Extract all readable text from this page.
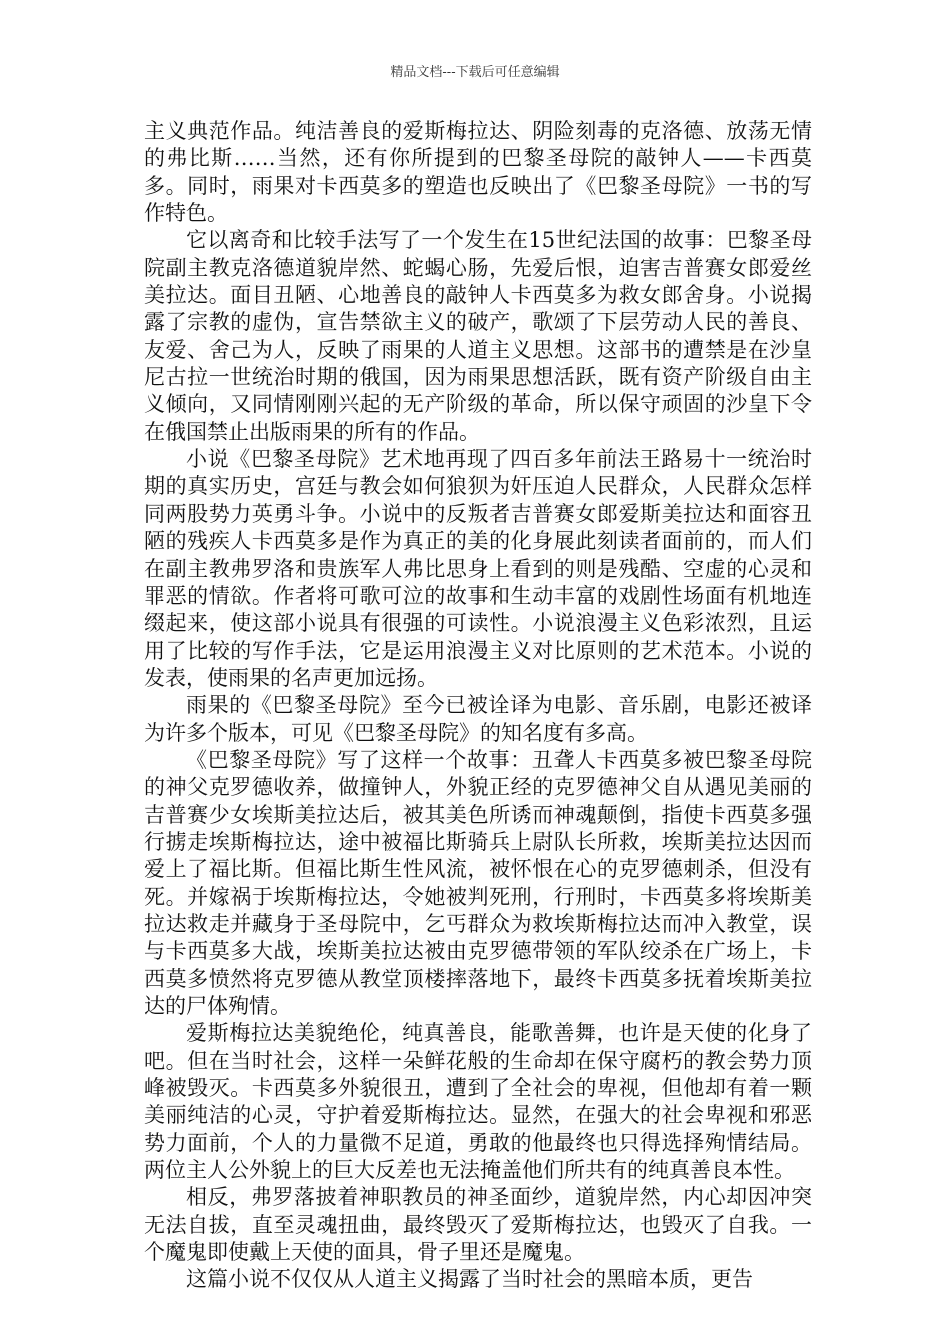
精品文档---下载后可任意编辑

主义典范作品。纯洁善良的爱斯梅拉达、阴险刻毒的克洛德、放荡无情的弗比斯……当然，还有你所提到的巴黎圣母院的敲钟人——卡西莫多。同时，雨果对卡西莫多的塑造也反映出了《巴黎圣母院》一书的写作特色。

它以离奇和比较手法写了一个发生在15世纪法国的故事：巴黎圣母院副主教克洛德道貌岸然、蛇蝎心肠，先爱后恨，迫害吉普赛女郎爱丝美拉达。面目丑陋、心地善良的敲钟人卡西莫多为救女郎舍身。小说揭露了宗教的虚伪，宣告禁欲主义的破产，歌颂了下层劳动人民的善良、友爱、舍己为人，反映了雨果的人道主义思想。这部书的遭禁是在沙皇尼古拉一世统治时期的俄国，因为雨果思想活跃，既有资产阶级自由主义倾向，又同情刚刚兴起的无产阶级的革命，所以保守顽固的沙皇下令在俄国禁止出版雨果的所有的作品。

小说《巴黎圣母院》艺术地再现了四百多年前法王路易十一统治时期的真实历史，宫廷与教会如何狼狈为奸压迫人民群众，人民群众怎样同两股势力英勇斗争。小说中的反叛者吉普赛女郎爱斯美拉达和面容丑陋的残疾人卡西莫多是作为真正的美的化身展此刻读者面前的，而人们在副主教弗罗洛和贵族军人弗比思身上看到的则是残酷、空虚的心灵和罪恶的情欲。作者将可歌可泣的故事和生动丰富的戏剧性场面有机地连缀起来，使这部小说具有很强的可读性。小说浪漫主义色彩浓烈，且运用了比较的写作手法，它是运用浪漫主义对比原则的艺术范本。小说的发表，使雨果的名声更加远扬。

雨果的《巴黎圣母院》至今已被诠译为电影、音乐剧，电影还被译为许多个版本，可见《巴黎圣母院》的知名度有多高。

《巴黎圣母院》写了这样一个故事：丑聋人卡西莫多被巴黎圣母院的神父克罗德收养，做撞钟人，外貌正经的克罗德神父自从遇见美丽的吉普赛少女埃斯美拉达后，被其美色所诱而神魂颠倒，指使卡西莫多强行掳走埃斯梅拉达，途中被福比斯骑兵上尉队长所救，埃斯美拉达因而爱上了福比斯。但福比斯生性风流，被怀恨在心的克罗德刺杀，但没有死。并嫁祸于埃斯梅拉达，令她被判死刑，行刑时，卡西莫多将埃斯美拉达救走并藏身于圣母院中，乞丐群众为救埃斯梅拉达而冲入教堂，误与卡西莫多大战，埃斯美拉达被由克罗德带领的军队绞杀在广场上，卡西莫多愤然将克罗德从教堂顶楼摔落地下，最终卡西莫多抚着埃斯美拉达的尸体殉情。

爱斯梅拉达美貌绝伦，纯真善良，能歌善舞，也许是天使的化身了吧。但在当时社会，这样一朵鲜花般的生命却在保守腐朽的教会势力顶峰被毁灭。卡西莫多外貌很丑，遭到了全社会的卑视，但他却有着一颗美丽纯洁的心灵，守护着爱斯梅拉达。显然，在强大的社会卑视和邪恶势力面前，个人的力量微不足道，勇敢的他最终也只得选择殉情结局。两位主人公外貌上的巨大反差也无法掩盖他们所共有的纯真善良本性。

相反，弗罗落披着神职教员的神圣面纱，道貌岸然，内心却因冲突无法自拔，直至灵魂扭曲，最终毁灭了爱斯梅拉达，也毁灭了自我。一个魔鬼即使戴上天使的面具，骨子里还是魔鬼。

这篇小说不仅仅从人道主义揭露了当时社会的黑暗本质，更告
